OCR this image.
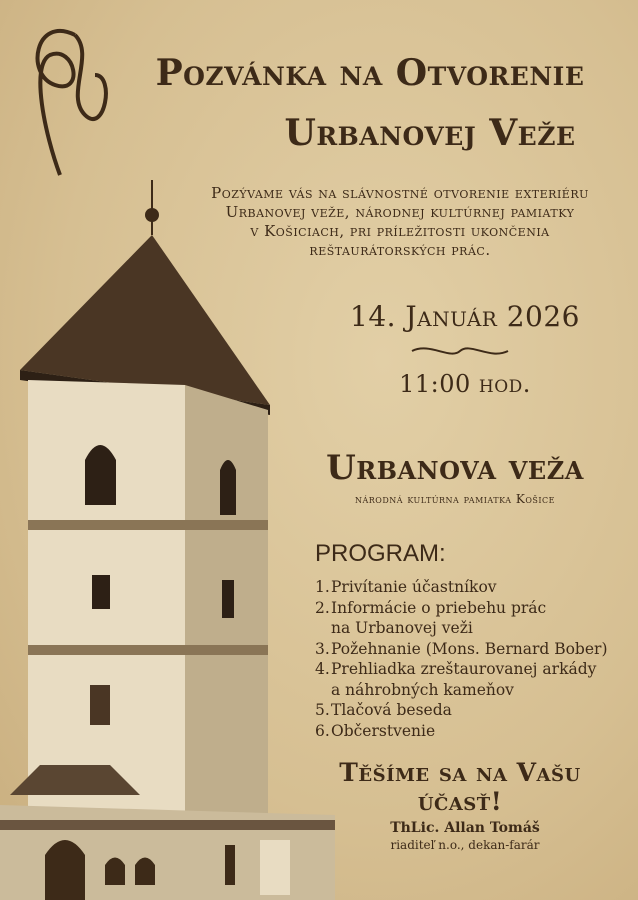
Pozvánka na Otvorenie
Urbanovej Veže
Pozývame vás na slávnostné otvorenie exteriéru
Urbanovej veže, národnej kultúrnej pamiatky
v Košiciach, pri príležitosti ukončenia
reštaurátorských prác.
14. Január 2026
11:00 hod.
Urbanova veža
národná kultúrna pamiatka Košice
PROGRAM:
1.Privítanie účastníkov
2.Informácie o priebehu prác
na Urbanovej veži
3.Požehnanie (Mons. Bernard Bober)
4.Prehliadka zreštaurovanej arkády
a náhrobných kameňov
5.Tlačová beseda
6.Občerstvenie
Těšíme sa na Vašu účasť!
ThLic. Allan Tomáš
riaditeľ n.o., dekan-farár
